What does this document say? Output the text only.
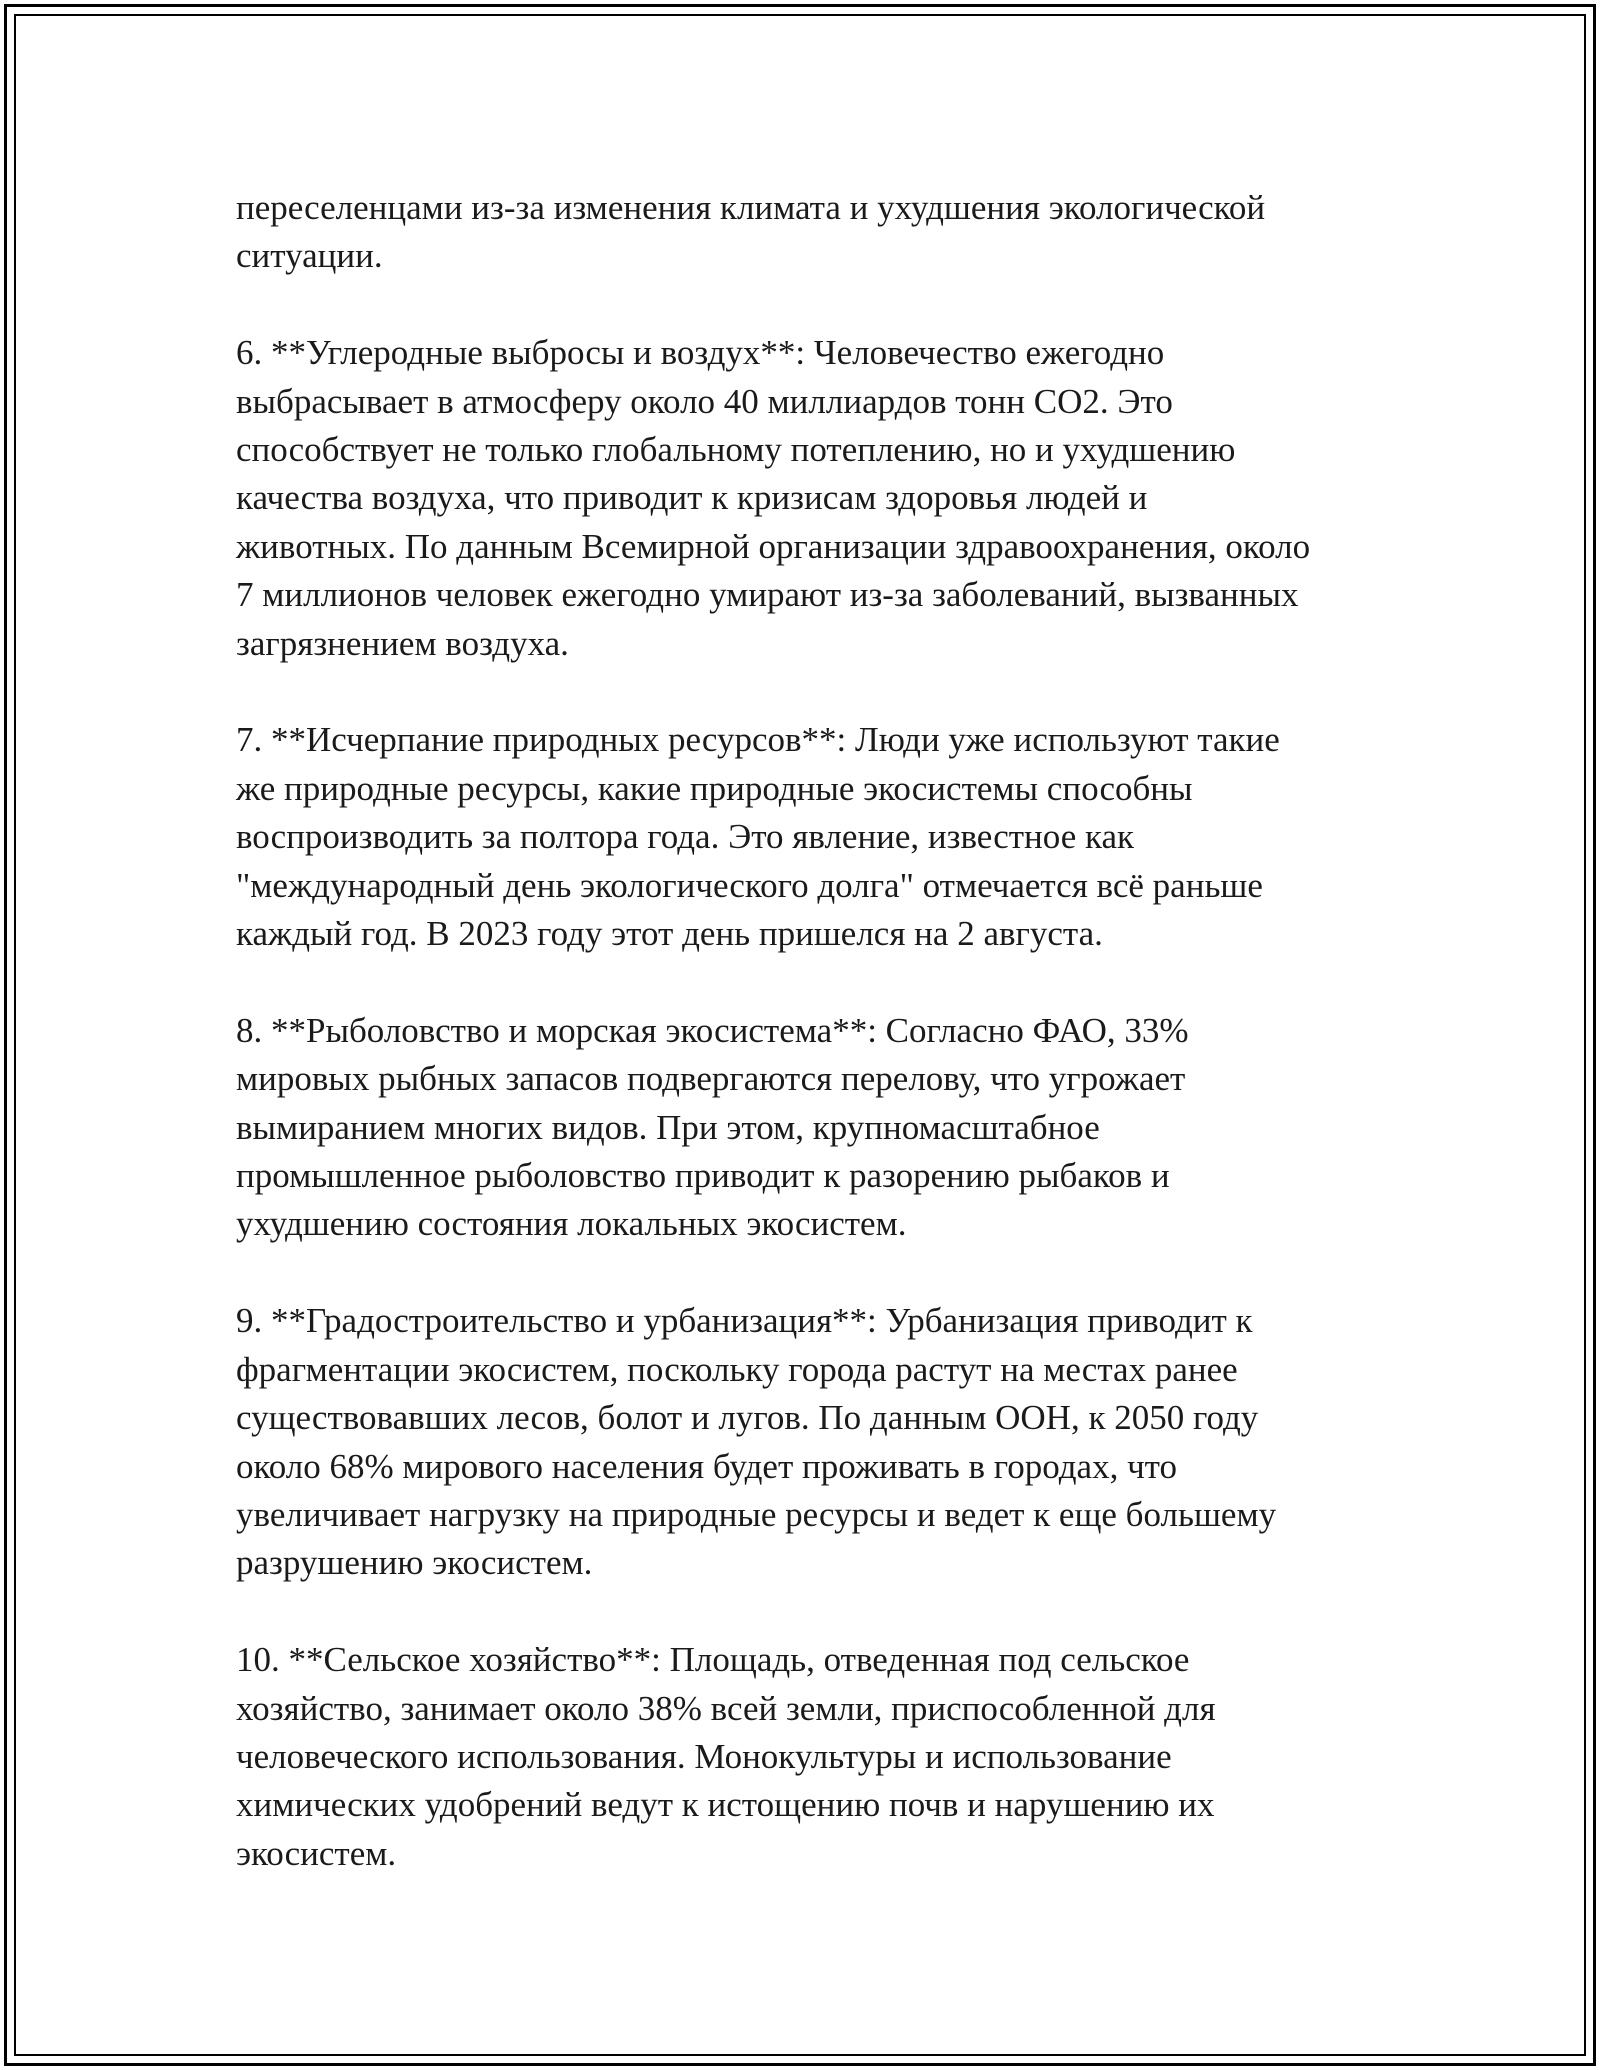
переселенцами из-за изменения климата и ухудшения экологической
ситуации.
6. **Углеродные выбросы и воздух**: Человечество ежегодно
выбрасывает в атмосферу около 40 миллиардов тонн CO2. Это
способствует не только глобальному потеплению, но и ухудшению
качества воздуха, что приводит к кризисам здоровья людей и
животных. По данным Всемирной организации здравоохранения, около
7 миллионов человек ежегодно умирают из-за заболеваний, вызванных
загрязнением воздуха.
7. **Исчерпание природных ресурсов**: Люди уже используют такие
же природные ресурсы, какие природные экосистемы способны
воспроизводить за полтора года. Это явление, известное как
"международный день экологического долга" отмечается всё раньше
каждый год. В 2023 году этот день пришелся на 2 августа.
8. **Рыболовство и морская экосистема**: Согласно ФАО, 33%
мировых рыбных запасов подвергаются перелову, что угрожает
вымиранием многих видов. При этом, крупномасштабное
промышленное рыболовство приводит к разорению рыбаков и
ухудшению состояния локальных экосистем.
9. **Градостроительство и урбанизация**: Урбанизация приводит к
фрагментации экосистем, поскольку города растут на местах ранее
существовавших лесов, болот и лугов. По данным ООН, к 2050 году
около 68% мирового населения будет проживать в городах, что
увеличивает нагрузку на природные ресурсы и ведет к еще большему
разрушению экосистем.
10. **Сельское хозяйство**: Площадь, отведенная под сельское
хозяйство, занимает около 38% всей земли, приспособленной для
человеческого использования. Монокультуры и использование
химических удобрений ведут к истощению почв и нарушению их
экосистем.
